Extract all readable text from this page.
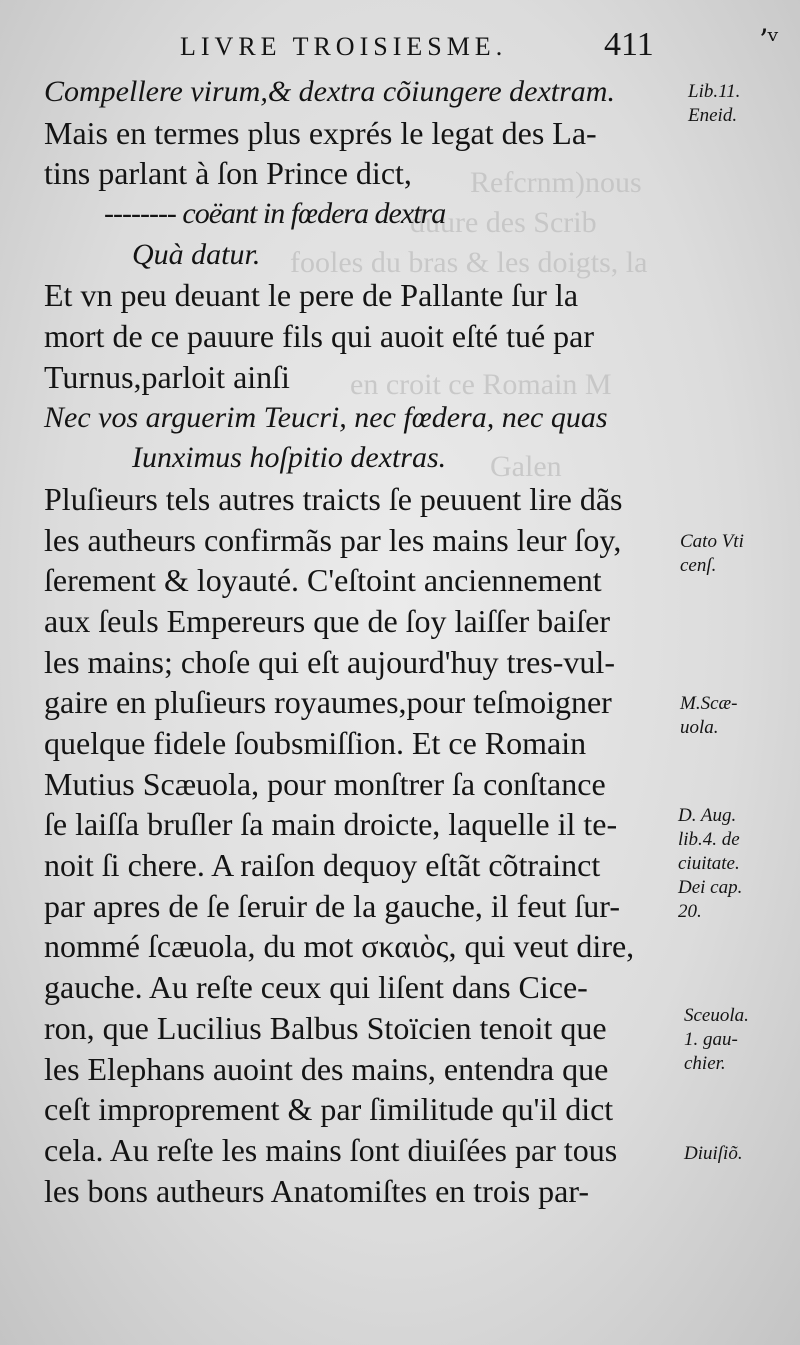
Refcrnm)nous
duure des Scrib
fooles du bras & les doigts, la
en croit ce Romain M
Galen
LIVRE TROISIESME.	411	ʼᵛ
Compellere virum,& dextra cõiungere dextram.
Mais en termes plus exprés le legat des La-
tins parlant à ſon Prince dict,
-------- coëant in fœdera dextra
Quà datur.
Et vn peu deuant le pere de Pallante ſur la
mort de ce pauure fils qui auoit eſté tué par
Turnus,parloit ainſi
Nec vos arguerim Teucri, nec fœdera, nec quas
Iunximus hoſpitio dextras.
Pluſieurs tels autres traicts ſe peuuent lire dãs
les autheurs confirmãs par les mains leur ſoy,
ſerement & loyauté. C'eſtoint anciennement
aux ſeuls Empereurs que de ſoy laiſſer baiſer
les mains; choſe qui eſt aujourd'huy tres-vul-
gaire en pluſieurs royaumes,pour teſmoigner
quelque fidele ſoubsmiſſion. Et ce Romain
Mutius Scæuola, pour monſtrer ſa conſtance
ſe laiſſa bruſler ſa main droicte, laquelle il te-
noit ſi chere. A raiſon dequoy eſtãt cõtrainct
par apres de ſe ſeruir de la gauche, il feut ſur-
nommé ſcæuola, du mot σκαιὸς, qui veut dire,
gauche. Au reſte ceux qui liſent dans Cice-
ron, que Lucilius Balbus Stoïcien tenoit que
les Elephans auoint des mains, entendra que
ceſt improprement & par ſimilitude qu'il dict
cela. Au reſte les mains ſont diuiſées par tous
les bons autheurs Anatomiſtes en trois par-
Lib.11.
Eneid.
Cato Vti
cenſ.
M.Scæ-
uola.
D. Aug.
lib.4. de
ciuitate.
Dei cap.
20.
Sceuola.
1. gau-
chier.
Diuiſiõ.
